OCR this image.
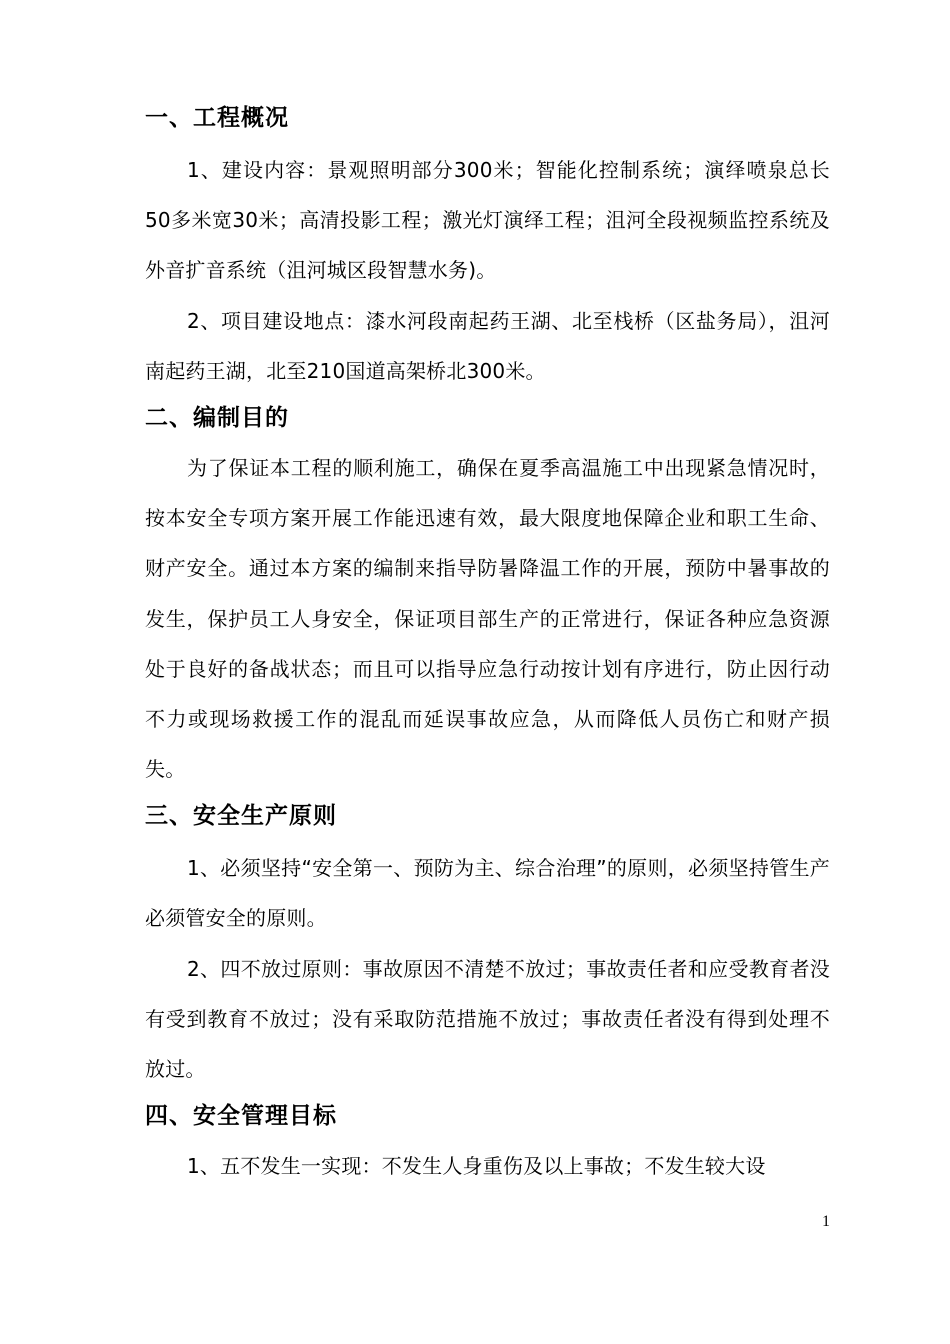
一、工程概况

1、建设内容：景观照明部分300米；智能化控制系统；演绎喷泉总长50多米宽30米；高清投影工程；激光灯演绎工程；沮河全段视频监控系统及外音扩音系统（沮河城区段智慧水务)。

2、项目建设地点：漆水河段南起药王湖、北至栈桥（区盐务局），沮河南起药王湖，北至210国道高架桥北300米。

二、编制目的

为了保证本工程的顺利施工，确保在夏季高温施工中出现紧急情况时，按本安全专项方案开展工作能迅速有效，最大限度地保障企业和职工生命、财产安全。通过本方案的编制来指导防暑降温工作的开展，预防中暑事故的发生，保护员工人身安全，保证项目部生产的正常进行，保证各种应急资源处于良好的备战状态；而且可以指导应急行动按计划有序进行，防止因行动不力或现场救援工作的混乱而延误事故应急，从而降低人员伤亡和财产损失。

三、安全生产原则

1、必须坚持“安全第一、预防为主、综合治理”的原则，必须坚持管生产必须管安全的原则。

2、四不放过原则：事故原因不清楚不放过；事故责任者和应受教育者没有受到教育不放过；没有采取防范措施不放过；事故责任者没有得到处理不放过。

四、安全管理目标

1、五不发生一实现：不发生人身重伤及以上事故；不发生较大设

1
